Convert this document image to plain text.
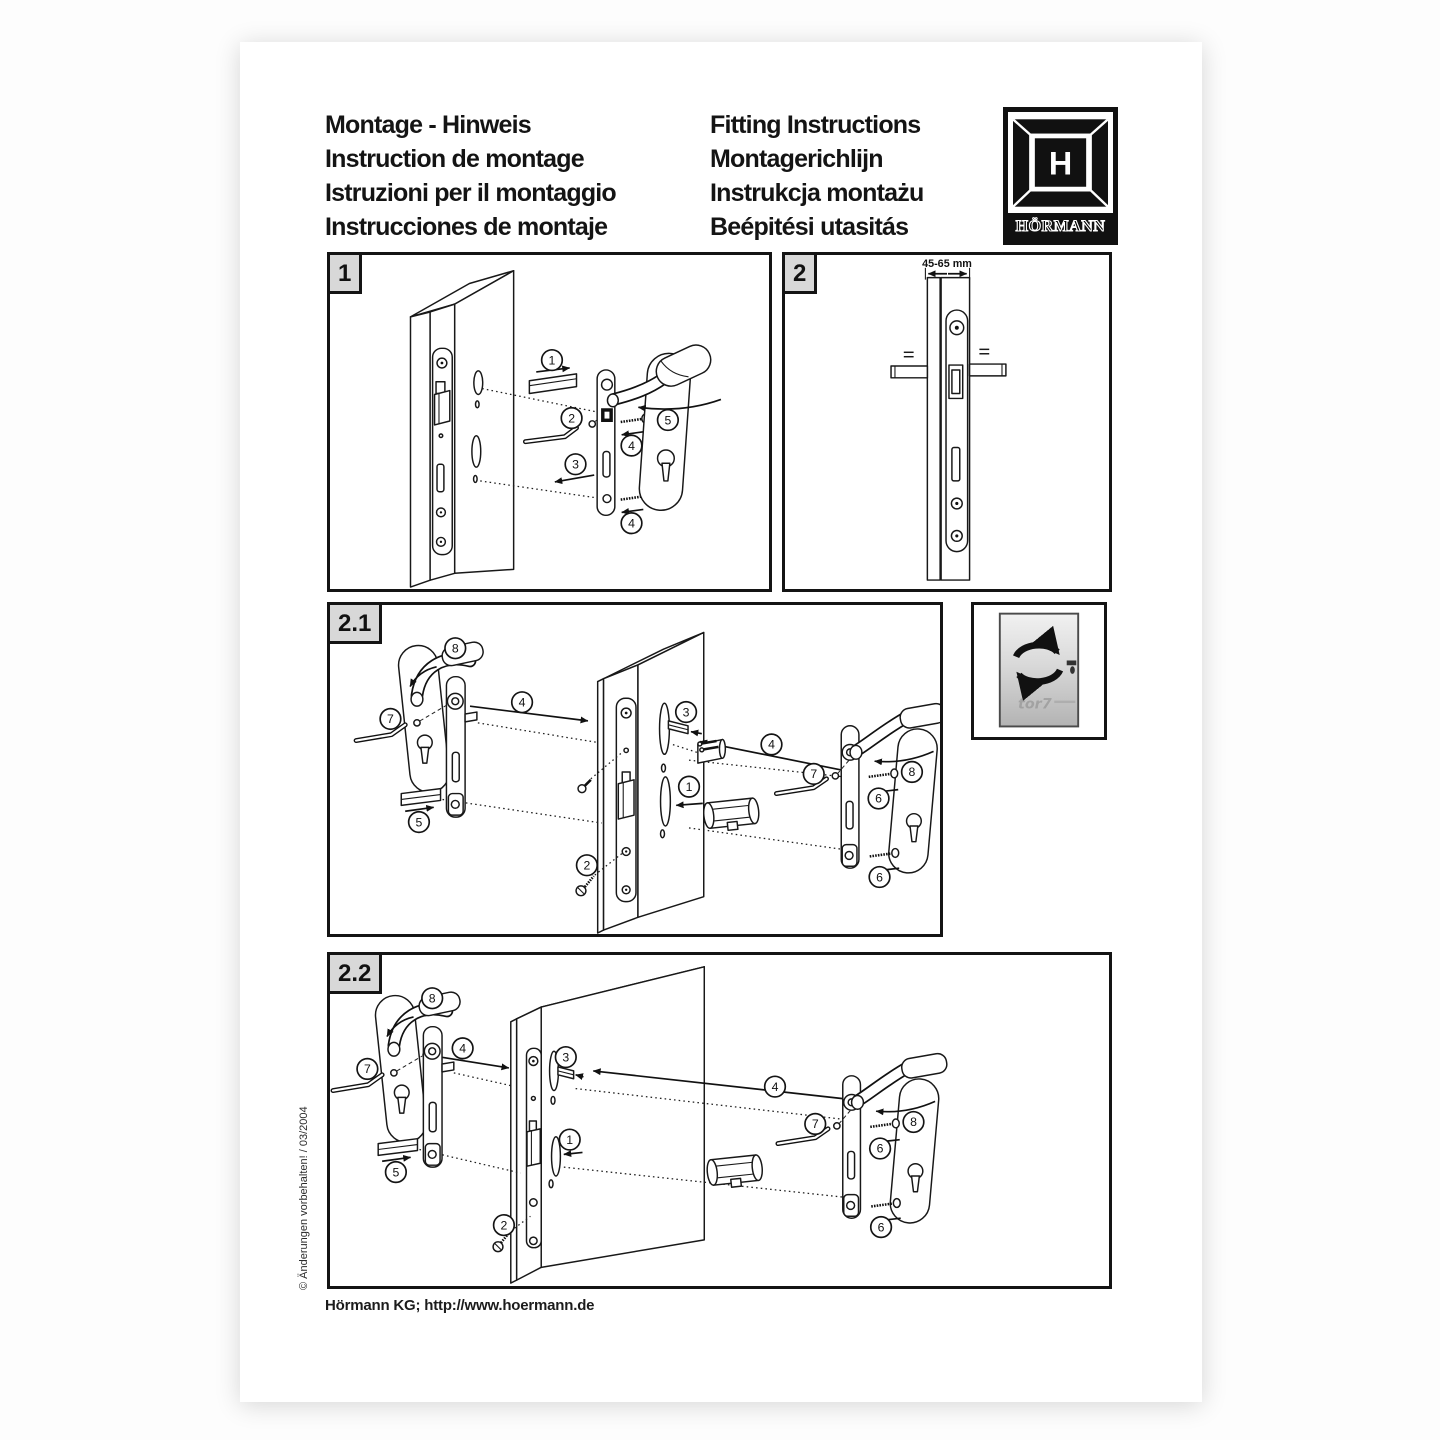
Montage - Hinweis
Instruction de montage
Istruzioni per il montaggio
Instrucciones de montaje
Fitting Instructions
Montagerichlijn
Instrukcja montażu
Beépitési utasitás
H
HÖRMANN
1
1
2
3
4
4
5
2	45-65 mm
2.1
8
7
5
4
3
1
2
4
7
6
8
6
tor7
2.2
8
7
5
4
3
1
2
4
7
6
8
6
Hörmann KG; http://www.hoermann.de
© Änderungen vorbehalten! / 03/2004
